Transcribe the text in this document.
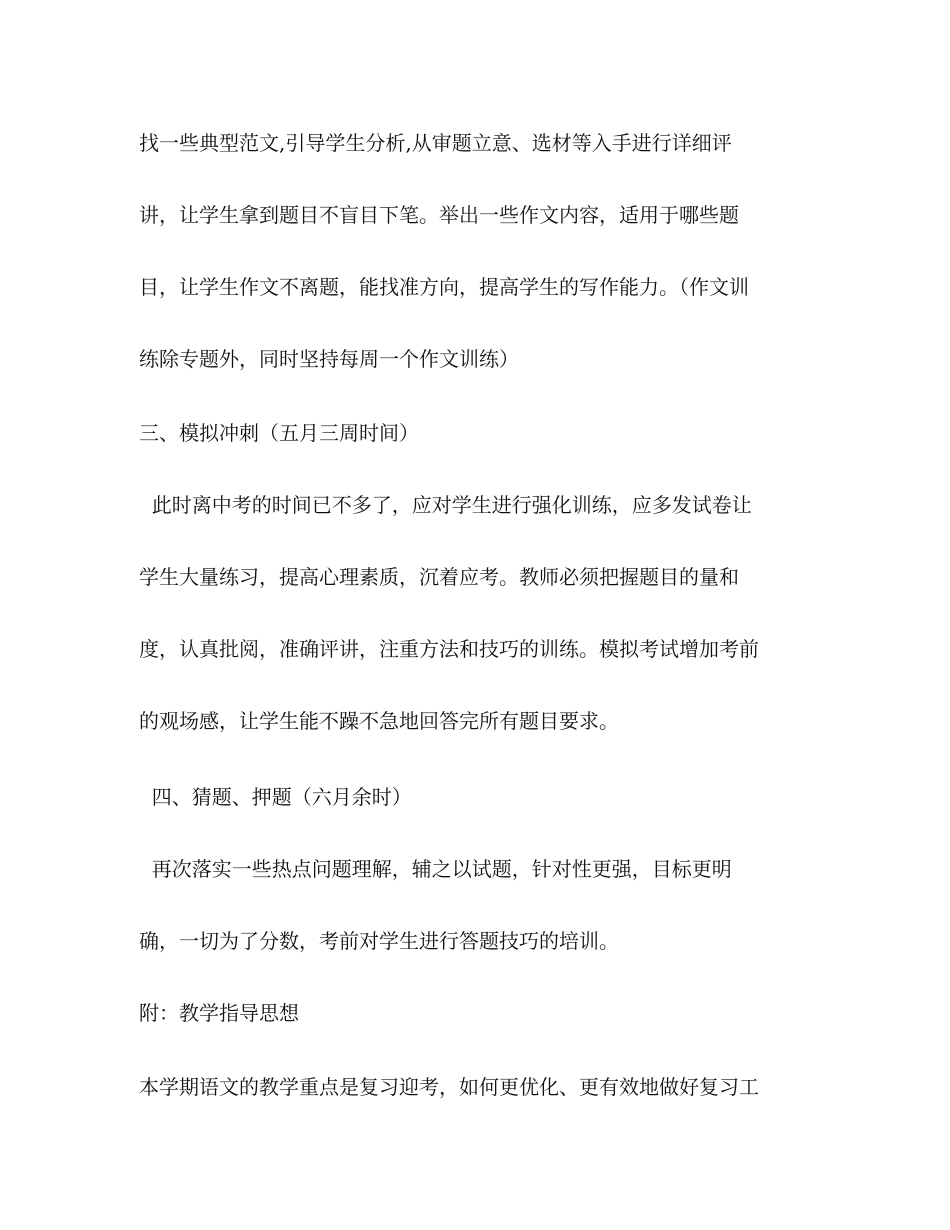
找一些典型范文,引导学生分析,从审题立意、选材等入手进行详细评
讲，让学生拿到题目不盲目下笔。举出一些作文内容，适用于哪些题
目，让学生作文不离题，能找准方向，提高学生的写作能力。（作文训
练除专题外，同时坚持每周一个作文训练）
三、模拟冲刺（五月三周时间）
此时离中考的时间已不多了，应对学生进行强化训练，应多发试卷让
学生大量练习，提高心理素质，沉着应考。教师必须把握题目的量和
度，认真批阅，准确评讲，注重方法和技巧的训练。模拟考试增加考前
的观场感，让学生能不躁不急地回答完所有题目要求。
四、猜题、押题（六月余时）
再次落实一些热点问题理解，辅之以试题，针对性更强，目标更明
确，一切为了分数，考前对学生进行答题技巧的培训。
附：教学指导思想
本学期语文的教学重点是复习迎考，如何更优化、更有效地做好复习工
